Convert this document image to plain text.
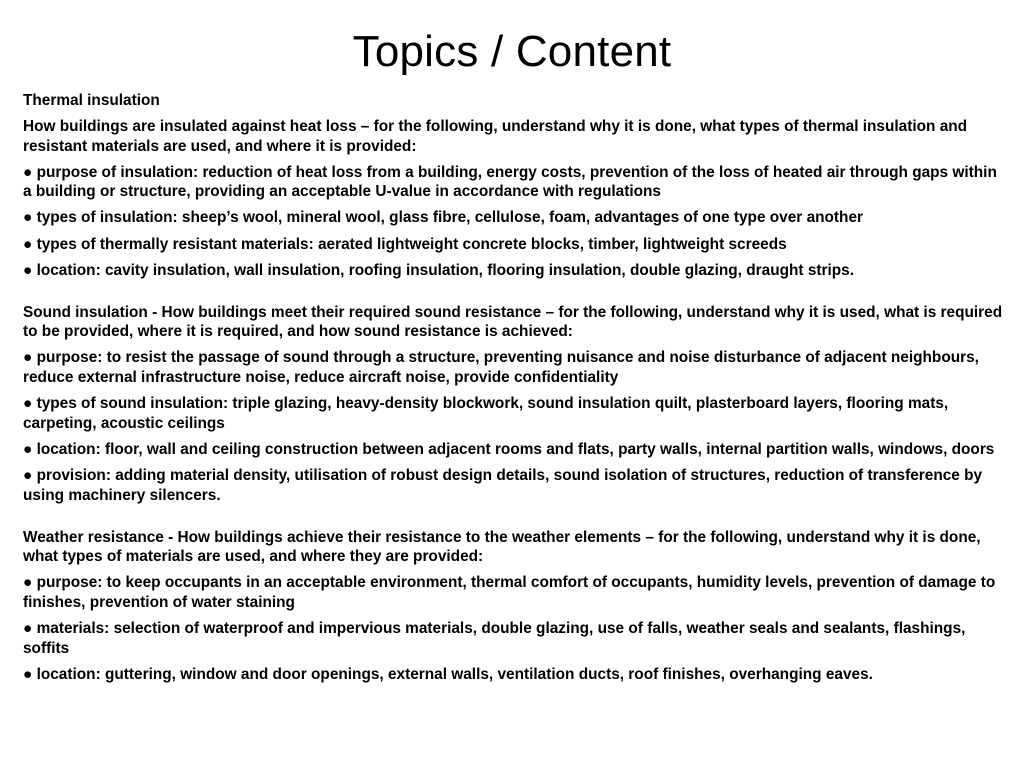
Topics / Content

Thermal insulation

How buildings are insulated against heat loss – for the following, understand why it is done, what types of thermal insulation and resistant materials are used, and where it is provided:

● purpose of insulation: reduction of heat loss from a building, energy costs, prevention of the loss of heated air through gaps within a building or structure, providing an acceptable U-value in accordance with regulations

● types of insulation: sheep’s wool, mineral wool, glass fibre, cellulose, foam, advantages of one type over another

● types of thermally resistant materials: aerated lightweight concrete blocks, timber, lightweight screeds

● location: cavity insulation, wall insulation, roofing insulation, flooring insulation, double glazing, draught strips.

Sound insulation - How buildings meet their required sound resistance – for the following, understand why it is used, what is required to be provided, where it is required, and how sound resistance is achieved:

● purpose: to resist the passage of sound through a structure, preventing nuisance and noise disturbance of adjacent neighbours, reduce external infrastructure noise, reduce aircraft noise, provide confidentiality

● types of sound insulation: triple glazing, heavy-density blockwork, sound insulation quilt, plasterboard layers, flooring mats, carpeting, acoustic ceilings

● location: floor, wall and ceiling construction between adjacent rooms and flats, party walls, internal partition walls, windows, doors

● provision: adding material density, utilisation of robust design details, sound isolation of structures, reduction of transference by using machinery silencers.

Weather resistance - How buildings achieve their resistance to the weather elements – for the following, understand why it is done, what types of materials are used, and where they are provided:

● purpose: to keep occupants in an acceptable environment, thermal comfort of occupants, humidity levels, prevention of damage to finishes, prevention of water staining

● materials: selection of waterproof and impervious materials, double glazing, use of falls, weather seals and sealants, flashings, soffits

● location: guttering, window and door openings, external walls, ventilation ducts, roof finishes, overhanging eaves.
